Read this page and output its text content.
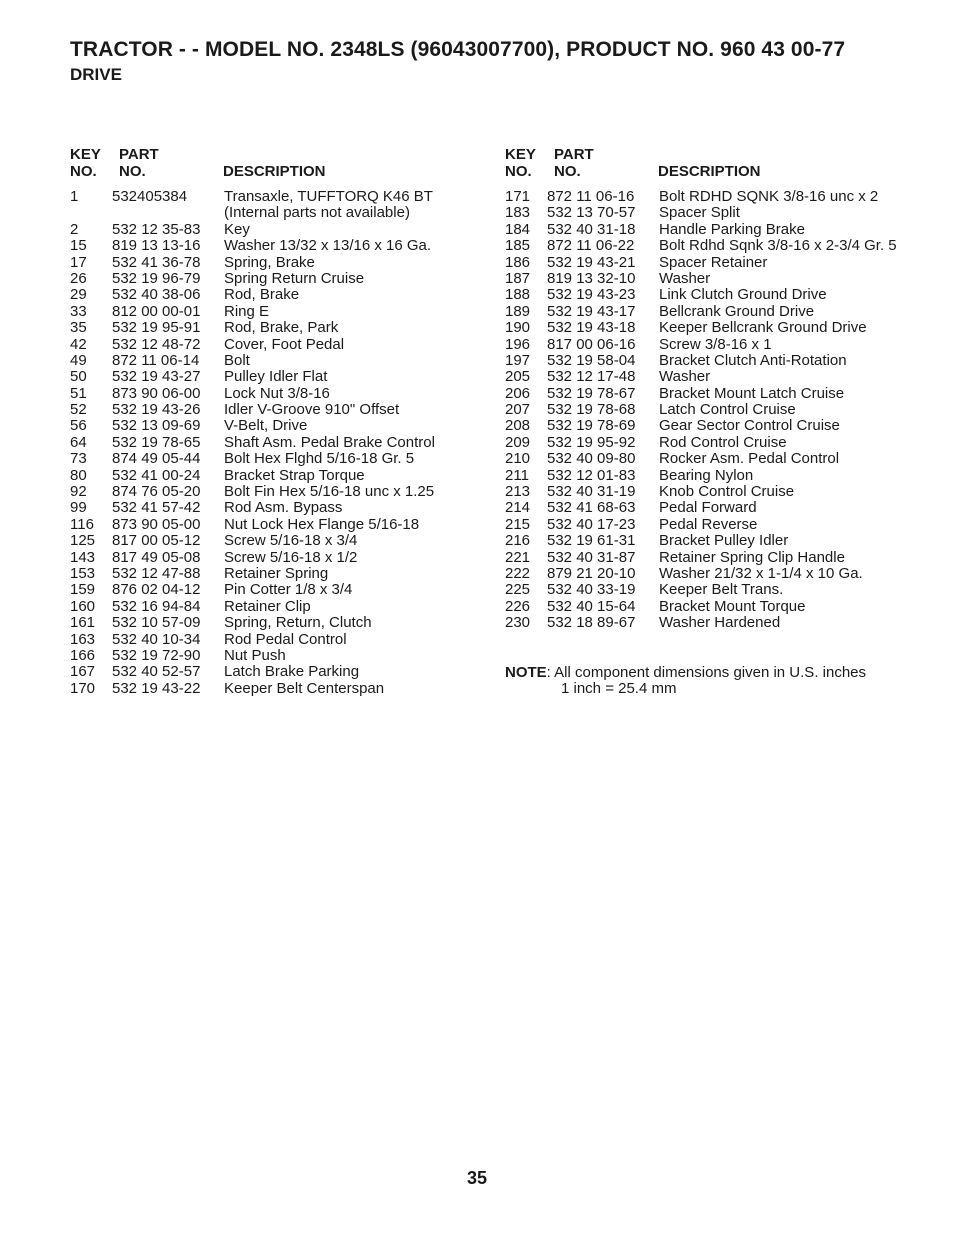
TRACTOR - - MODEL NO. 2348LS (96043007700), PRODUCT NO. 960 43 00-77
DRIVE
KEY
NO.
PART
NO.	DESCRIPTION
KEY
NO.
PART
NO.	DESCRIPTION
1 532405384 Transaxle, TUFFTORQ K46 BT
(Internal parts not available)
2 532 12 35-83 Key
15 819 13 13-16 Washer 13/32 x 13/16 x 16 Ga.
17 532 41 36-78 Spring, Brake
26 532 19 96-79 Spring Return Cruise
29 532 40 38-06 Rod, Brake
33 812 00 00-01 Ring E
35 532 19 95-91 Rod, Brake, Park
42 532 12 48-72 Cover, Foot Pedal
49 872 11 06-14 Bolt
50 532 19 43-27 Pulley Idler Flat
51 873 90 06-00 Lock Nut 3/8-16
52 532 19 43-26 Idler V-Groove 910" Offset
56 532 13 09-69 V-Belt, Drive
64 532 19 78-65 Shaft Asm. Pedal Brake Control
73 874 49 05-44 Bolt Hex Flghd 5/16-18 Gr. 5
80 532 41 00-24 Bracket Strap Torque
92 874 76 05-20 Bolt Fin Hex 5/16-18 unc x 1.25
99 532 41 57-42 Rod Asm. Bypass
116 873 90 05-00 Nut Lock Hex Flange 5/16-18
125 817 00 05-12 Screw 5/16-18 x 3/4
143 817 49 05-08 Screw 5/16-18 x 1/2
153 532 12 47-88 Retainer Spring
159 876 02 04-12 Pin Cotter 1/8 x 3/4
160 532 16 94-84 Retainer Clip
161 532 10 57-09 Spring, Return, Clutch
163 532 40 10-34 Rod Pedal Control
166 532 19 72-90 Nut Push
167 532 40 52-57 Latch Brake Parking
170 532 19 43-22 Keeper Belt Centerspan
171 872 11 06-16 Bolt RDHD SQNK 3/8-16 unc x 2
183 532 13 70-57 Spacer Split
184 532 40 31-18 Handle Parking Brake
185 872 11 06-22 Bolt Rdhd Sqnk 3/8-16 x 2-3/4 Gr. 5
186 532 19 43-21 Spacer Retainer
187 819 13 32-10 Washer
188 532 19 43-23 Link Clutch Ground Drive
189 532 19 43-17 Bellcrank Ground Drive
190 532 19 43-18 Keeper Bellcrank Ground Drive
196 817 00 06-16 Screw 3/8-16 x 1
197 532 19 58-04 Bracket Clutch Anti-Rotation
205 532 12 17-48 Washer
206 532 19 78-67 Bracket Mount Latch Cruise
207 532 19 78-68 Latch Control Cruise
208 532 19 78-69 Gear Sector Control Cruise
209 532 19 95-92 Rod Control Cruise
210 532 40 09-80 Rocker Asm. Pedal Control
211 532 12 01-83 Bearing Nylon
213 532 40 31-19 Knob Control Cruise
214 532 41 68-63 Pedal Forward
215 532 40 17-23 Pedal Reverse
216 532 19 61-31 Bracket Pulley Idler
221 532 40 31-87 Retainer Spring Clip Handle
222 879 21 20-10 Washer 21/32 x 1-1/4 x 10 Ga.
225 532 40 33-19 Keeper Belt Trans.
226 532 40 15-64 Bracket Mount Torque
230 532 18 89-67 Washer Hardened
NOTE: All component dimensions given in U.S. inches
1 inch = 25.4 mm
35
